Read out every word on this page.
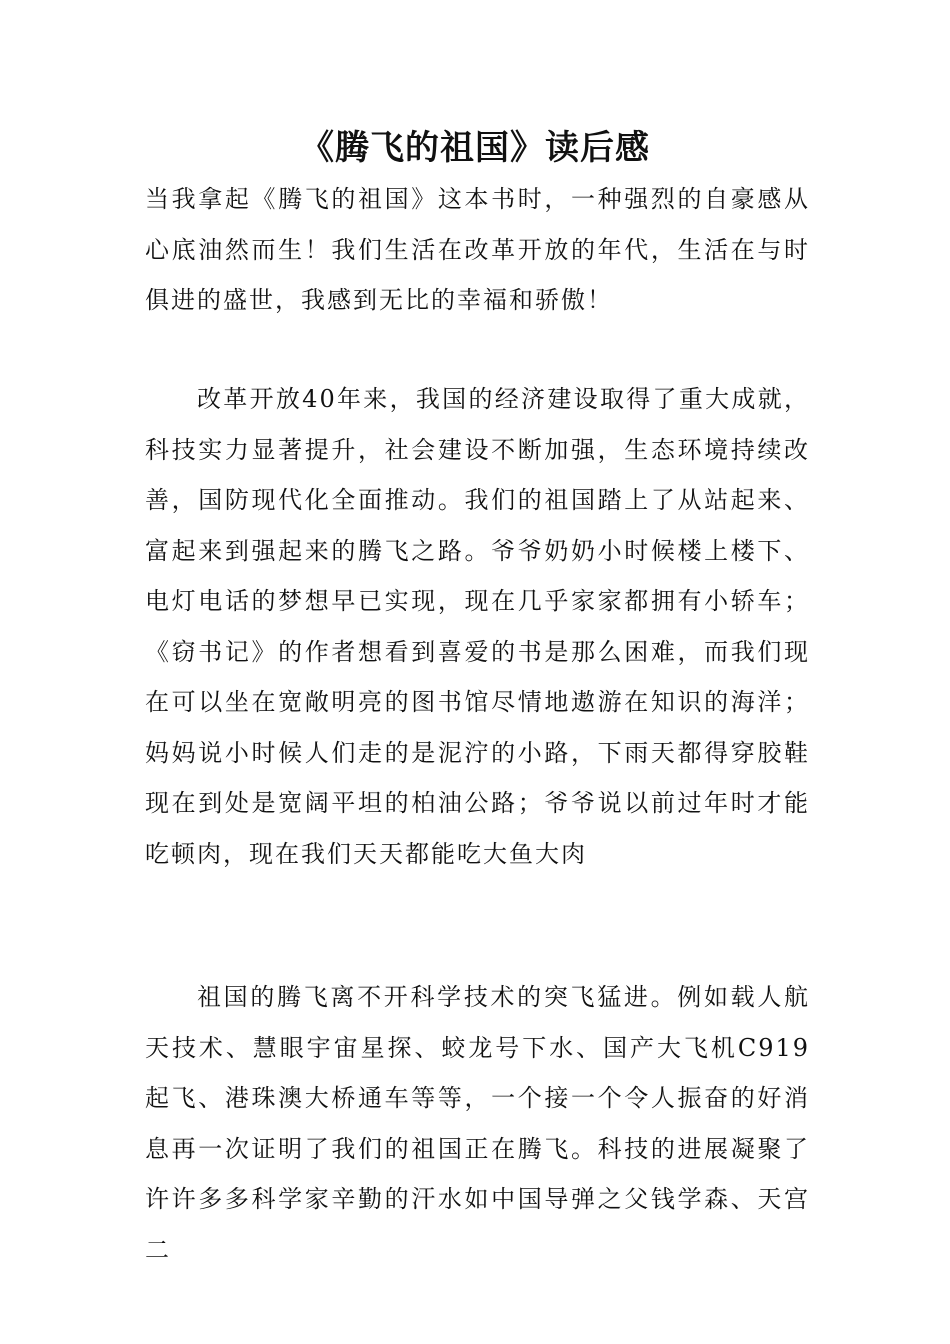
《腾飞的祖国》读后感

当我拿起《腾飞的祖国》这本书时，一种强烈的自豪感从心底油然而生！我们生活在改革开放的年代，生活在与时俱进的盛世，我感到无比的幸福和骄傲！

改革开放40年来，我国的经济建设取得了重大成就，科技实力显著提升，社会建设不断加强，生态环境持续改善，国防现代化全面推动。我们的祖国踏上了从站起来、富起来到强起来的腾飞之路。爷爷奶奶小时候楼上楼下、电灯电话的梦想早已实现，现在几乎家家都拥有小轿车；《窃书记》的作者想看到喜爱的书是那么困难，而我们现在可以坐在宽敞明亮的图书馆尽情地遨游在知识的海洋；妈妈说小时候人们走的是泥泞的小路，下雨天都得穿胶鞋现在到处是宽阔平坦的柏油公路；爷爷说以前过年时才能吃顿肉，现在我们天天都能吃大鱼大肉

祖国的腾飞离不开科学技术的突飞猛进。例如载人航天技术、慧眼宇宙星探、蛟龙号下水、国产大飞机C919起飞、港珠澳大桥通车等等，一个接一个令人振奋的好消息再一次证明了我们的祖国正在腾飞。科技的进展凝聚了许许多多科学家辛勤的汗水如中国导弹之父钱学森、天宫二
